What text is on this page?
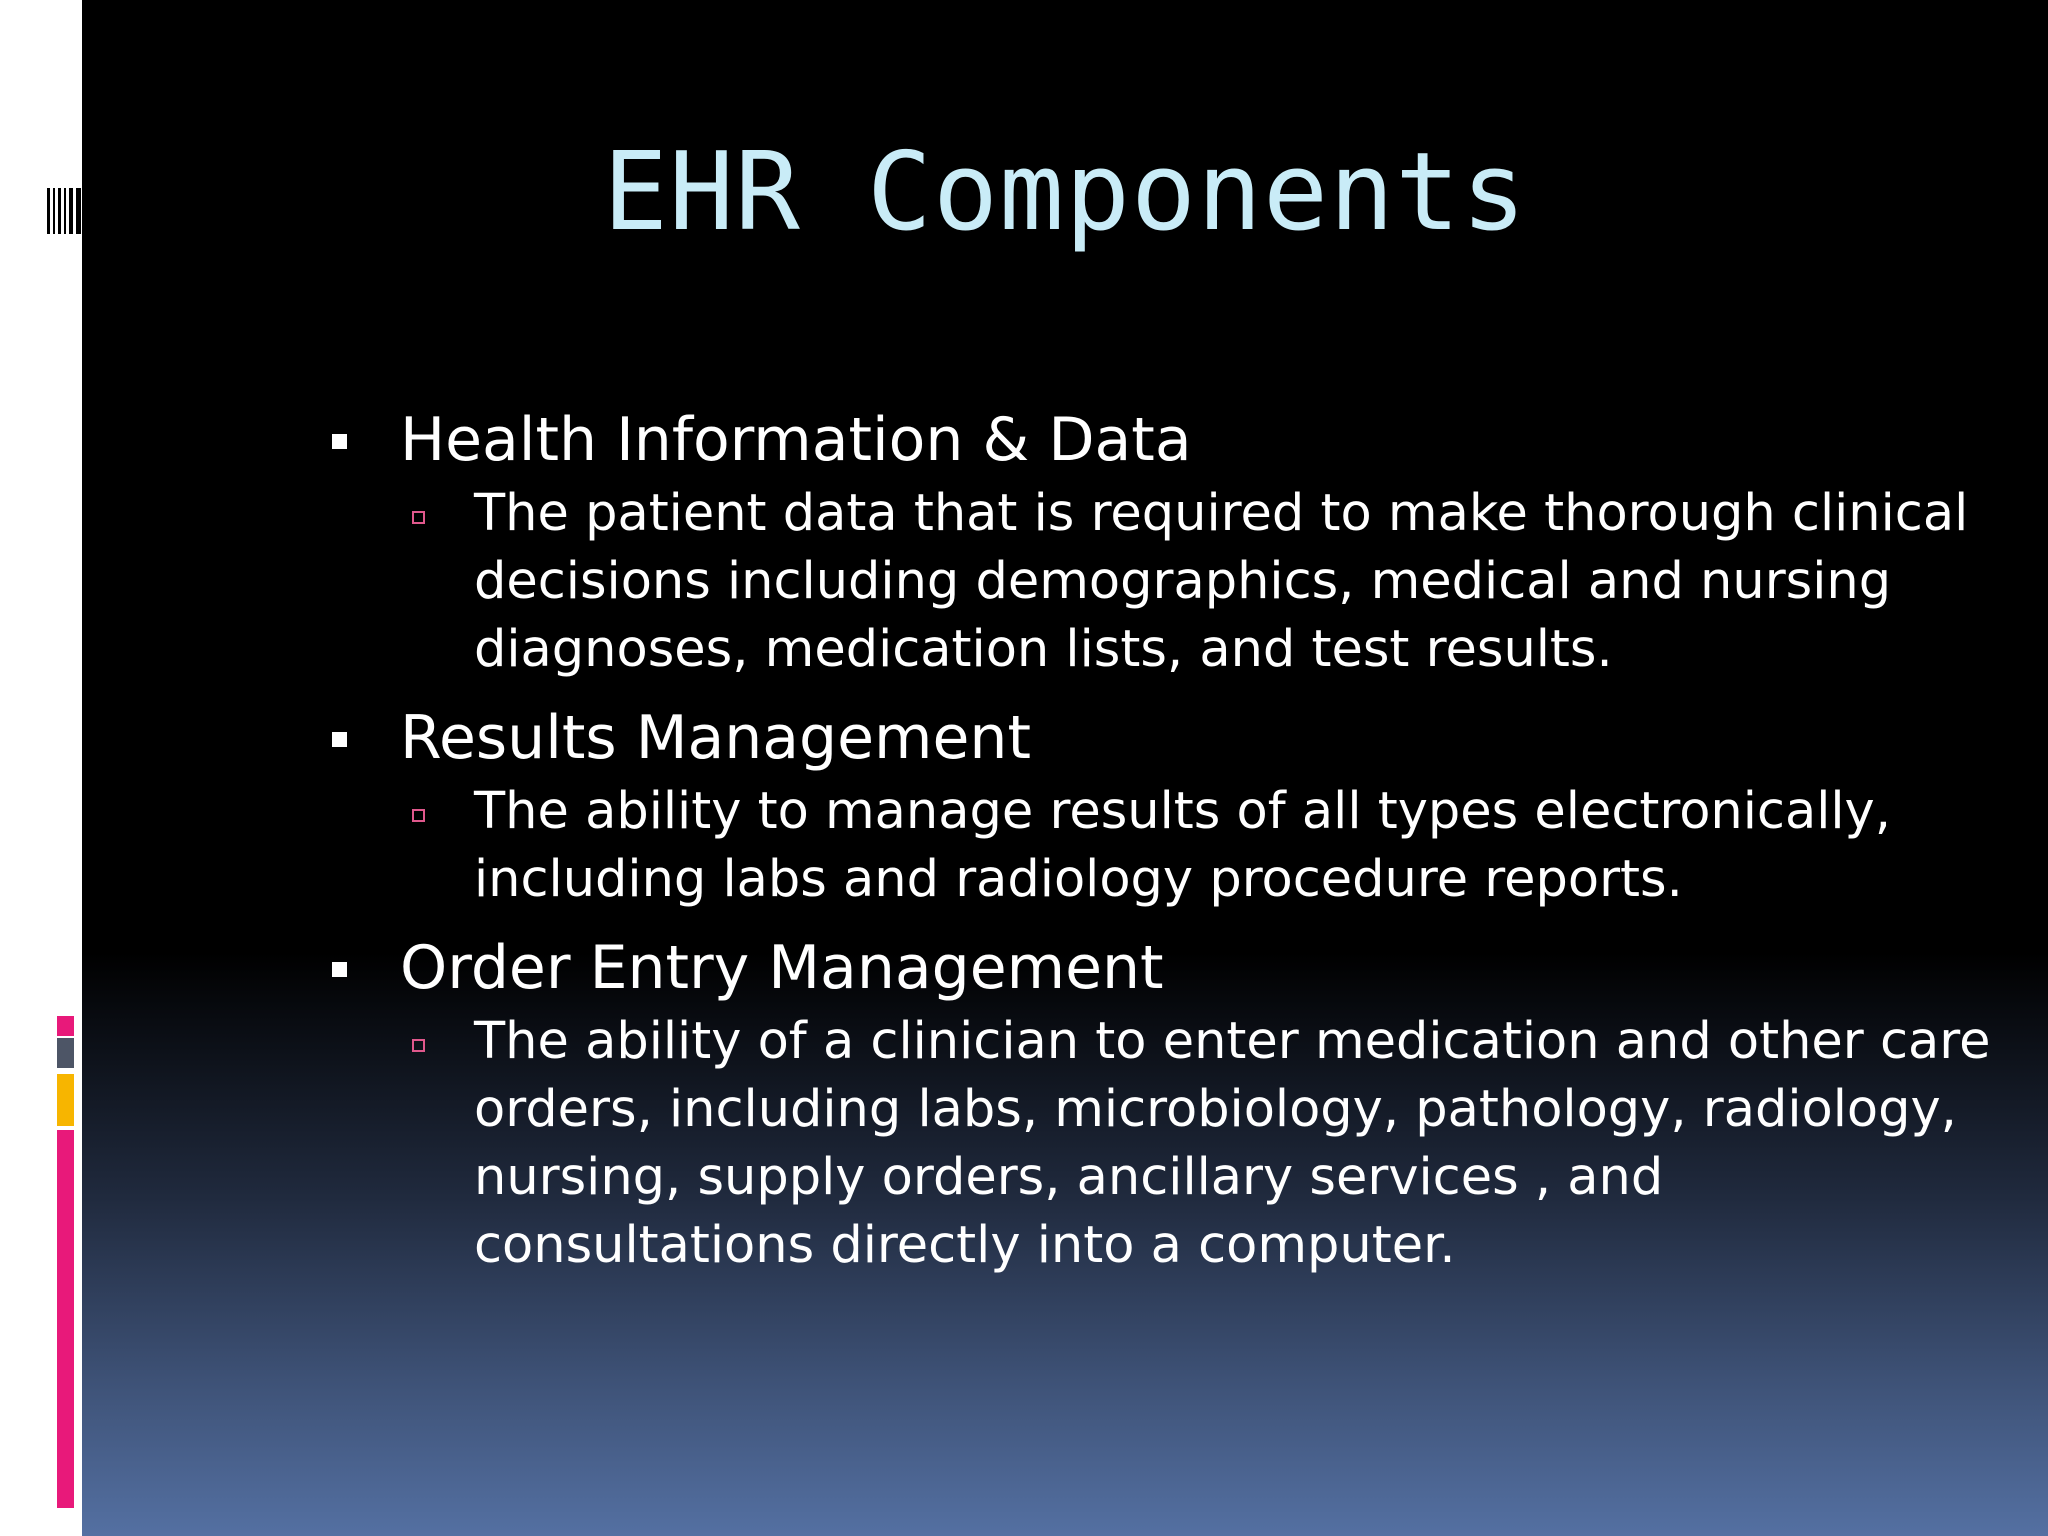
EHR Components
Health Information & Data
The patient data that is required to make thorough clinical decisions including demographics, medical and nursing diagnoses, medication lists, and test results.
Results Management
The ability to manage results of all types electronically, including labs and radiology procedure reports.
Order Entry Management
The ability of a clinician to enter medication and other care orders, including labs, microbiology, pathology, radiology, nursing, supply orders, ancillary services , and consultations directly into a computer.
